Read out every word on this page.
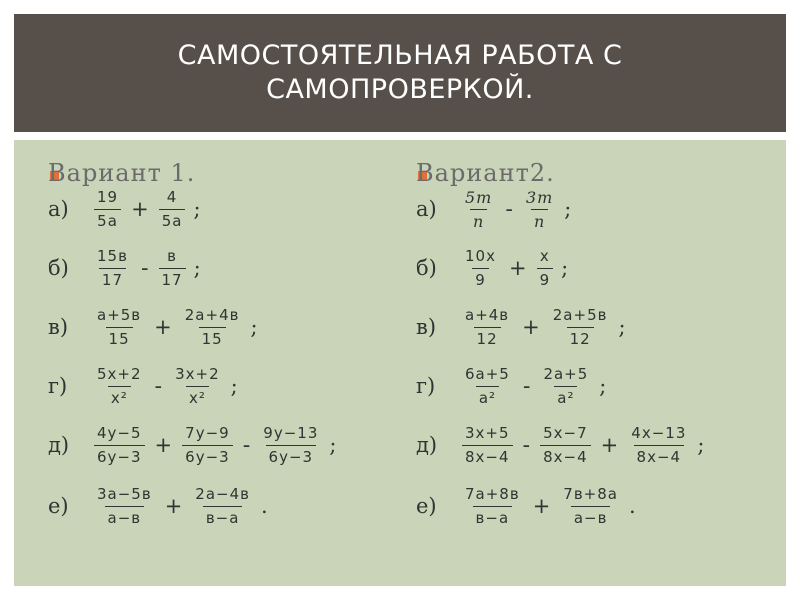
САМОСТОЯТЕЛЬНАЯ РАБОТА С
САМОПРОВЕРКОЙ.
Вариант 1.
а)	$\frac{19}{5а} + \frac{4}{5а}$ ;
б)	$\frac{15в}{17} - \frac{в}{17}$ ;
в)	$\frac{а+5в}{15} + \frac{2а+4в}{15}$ ;
г)	$\frac{5х+2}{\text{х²}} - \frac{3х+2}{\text{х²}}$ ;
д)	$\frac{4у-5}{6у-3} + \frac{7у-9}{6у-3} - \frac{9у-13}{6у-3}$ ;
е)	$\frac{3а-5в}{а-в} + \frac{2а-4в}{в-а}$ .
Вариант2.
а)	$\frac{5m}{n} - \frac{3m}{n}$ ;
б)	$\frac{10х}{9} + \frac{х}{9}$ ;
в)	$\frac{а+4в}{12} + \frac{2а+5в}{12}$ ;
г)	$\frac{6а+5}{\text{а²}} - \frac{2а+5}{\text{а²}}$ ;
д)	$\frac{3х+5}{8х-4} - \frac{5х-7}{8х-4} + \frac{4х-13}{8х-4}$ ;
е)	$\frac{7а+8в}{в-а} + \frac{7в+8а}{а-в}$ .
